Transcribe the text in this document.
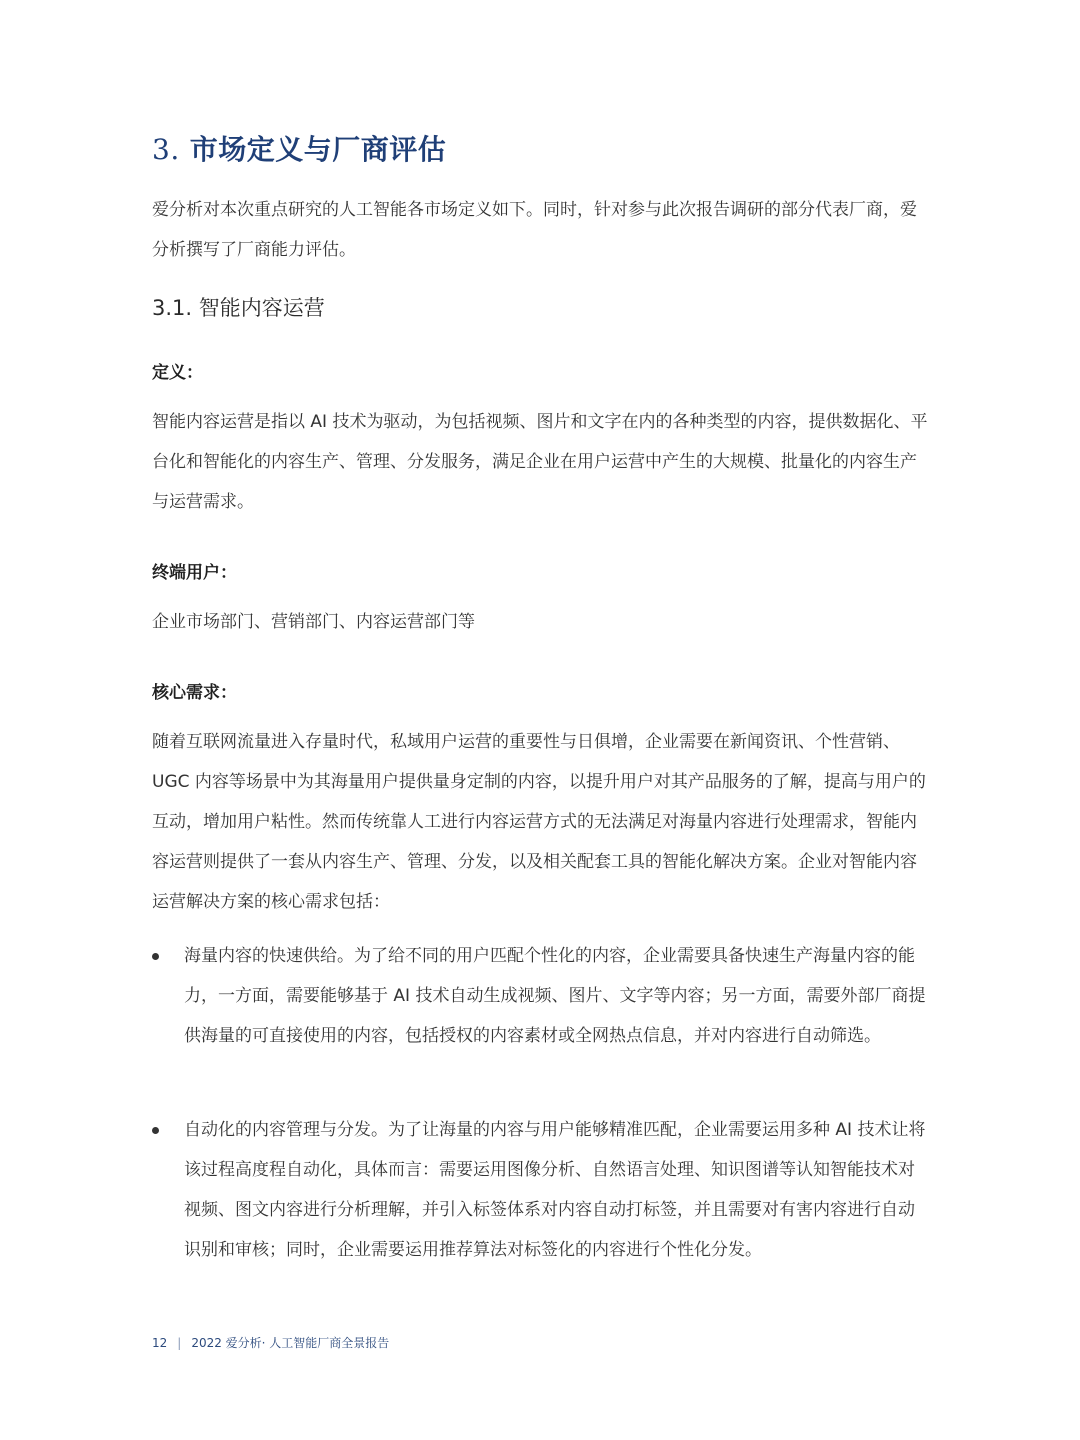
3. 市场定义与厂商评估
爱分析对本次重点研究的人工智能各市场定义如下。同时，针对参与此次报告调研的部分代表厂商，爱分析撰写了厂商能力评估。
3.1. 智能内容运营
定义：
智能内容运营是指以 AI 技术为驱动，为包括视频、图片和文字在内的各种类型的内容，提供数据化、平台化和智能化的内容生产、管理、分发服务，满足企业在用户运营中产生的大规模、批量化的内容生产与运营需求。
终端用户：
企业市场部门、营销部门、内容运营部门等
核心需求：
随着互联网流量进入存量时代，私域用户运营的重要性与日俱增，企业需要在新闻资讯、个性营销、UGC 内容等场景中为其海量用户提供量身定制的内容，以提升用户对其产品服务的了解，提高与用户的互动，增加用户粘性。然而传统靠人工进行内容运营方式的无法满足对海量内容进行处理需求，智能内容运营则提供了一套从内容生产、管理、分发，以及相关配套工具的智能化解决方案。企业对智能内容运营解决方案的核心需求包括：
海量内容的快速供给。为了给不同的用户匹配个性化的内容，企业需要具备快速生产海量内容的能力，一方面，需要能够基于 AI 技术自动生成视频、图片、文字等内容；另一方面，需要外部厂商提供海量的可直接使用的内容，包括授权的内容素材或全网热点信息，并对内容进行自动筛选。
自动化的内容管理与分发。为了让海量的内容与用户能够精准匹配，企业需要运用多种 AI 技术让将该过程高度程自动化，具体而言：需要运用图像分析、自然语言处理、知识图谱等认知智能技术对视频、图文内容进行分析理解，并引入标签体系对内容自动打标签，并且需要对有害内容进行自动识别和审核；同时，企业需要运用推荐算法对标签化的内容进行个性化分发。
12 | 2022 爱分析· 人工智能厂商全景报告
